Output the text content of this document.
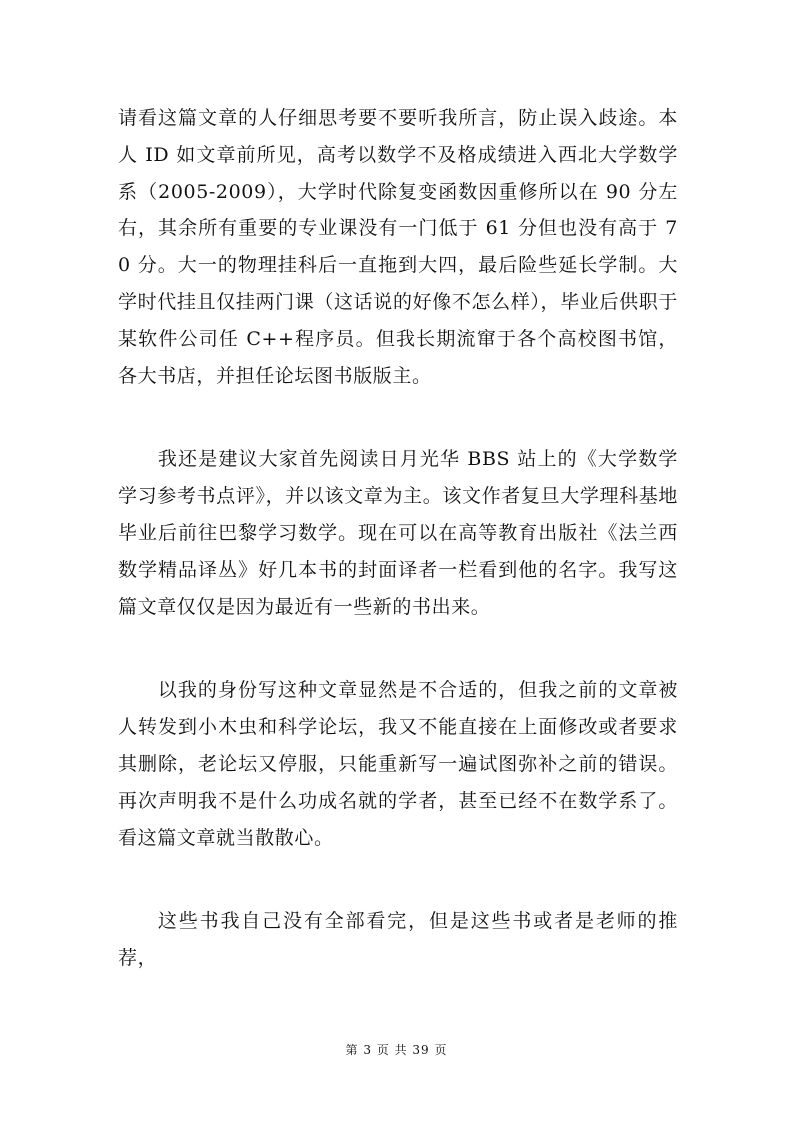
请看这篇文章的人仔细思考要不要听我所言，防止误入歧途。本人 ID 如文章前所见，高考以数学不及格成绩进入西北大学数学系（2005-2009），大学时代除复变函数因重修所以在 90 分左右，其余所有重要的专业课没有一门低于 61 分但也没有高于 70 分。大一的物理挂科后一直拖到大四，最后险些延长学制。大学时代挂且仅挂两门课（这话说的好像不怎么样），毕业后供职于某软件公司任 C++程序员。但我长期流窜于各个高校图书馆，各大书店，并担任论坛图书版版主。

我还是建议大家首先阅读日月光华 BBS 站上的《大学数学学习参考书点评》，并以该文章为主。该文作者复旦大学理科基地毕业后前往巴黎学习数学。现在可以在高等教育出版社《法兰西数学精品译丛》好几本书的封面译者一栏看到他的名字。我写这篇文章仅仅是因为最近有一些新的书出来。

以我的身份写这种文章显然是不合适的，但我之前的文章被人转发到小木虫和科学论坛，我又不能直接在上面修改或者要求其删除，老论坛又停服，只能重新写一遍试图弥补之前的错误。再次声明我不是什么功成名就的学者，甚至已经不在数学系了。看这篇文章就当散散心。

这些书我自己没有全部看完，但是这些书或者是老师的推荐，

第 3 页 共 39 页
